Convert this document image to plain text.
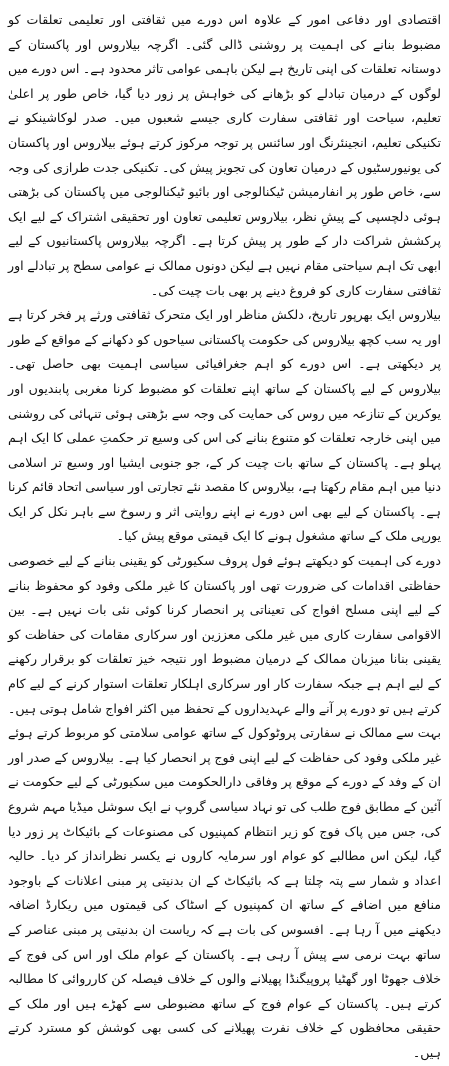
اقتصادی اور دفاعی امور کے علاوہ اس دورے میں ثقافتی اور تعلیمی تعلقات کو مضبوط بنانے کی اہمیت پر روشنی ڈالی گئی۔ اگرچہ بیلاروس اور پاکستان کے دوستانہ تعلقات کی اپنی تاریخ ہے لیکن باہمی عوامی تاثر محدود ہے۔ اس دورے میں لوگوں کے درمیان تبادلے کو بڑھانے کی خواہش پر زور دیا گیا، خاص طور پر اعلیٰ تعلیم، سیاحت اور ثقافتی سفارت کاری جیسے شعبوں میں۔ صدر لوکاشینکو نے تکنیکی تعلیم، انجینئرنگ اور سائنس پر توجہ مرکوز کرتے ہوئے بیلاروس اور پاکستان کی یونیورسٹیوں کے درمیان تعاون کی تجویز پیش کی۔ تکنیکی جدت طرازی کی وجہ سے، خاص طور پر انفارمیشن ٹیکنالوجی اور بائیو ٹیکنالوجی میں پاکستان کی بڑھتی ہوئی دلچسپی کے پیشِ نظر، بیلاروس تعلیمی تعاون اور تحقیقی اشتراک کے لیے ایک پرکشش شراکت دار کے طور پر پیش کرتا ہے۔ اگرچہ بیلاروس پاکستانیوں کے لیے ابھی تک اہم سیاحتی مقام نہیں ہے لیکن دونوں ممالک نے عوامی سطح پر تبادلے اور ثقافتی سفارت کاری کو فروغ دینے پر بھی بات چیت کی۔

بیلاروس ایک بھرپور تاریخ، دلکش مناظر اور ایک متحرک ثقافتی ورثے پر فخر کرتا ہے اور یہ سب کچھ بیلاروس کی حکومت پاکستانی سیاحوں کو دکھانے کے مواقع کے طور پر دیکھتی ہے۔ اس دورے کو اہم جغرافیائی سیاسی اہمیت بھی حاصل تھی۔ بیلاروس کے لیے پاکستان کے ساتھ اپنے تعلقات کو مضبوط کرنا مغربی پابندیوں اور یوکرین کے تنازعہ میں روس کی حمایت کی وجہ سے بڑھتی ہوئی تنہائی کی روشنی میں اپنی خارجہ تعلقات کو متنوع بنانے کی اس کی وسیع تر حکمتِ عملی کا ایک اہم پہلو ہے۔ پاکستان کے ساتھ بات چیت کر کے، جو جنوبی ایشیا اور وسیع تر اسلامی دنیا میں اہم مقام رکھتا ہے، بیلاروس کا مقصد نئے تجارتی اور سیاسی اتحاد قائم کرنا ہے۔ پاکستان کے لیے بھی اس دورے نے اپنے روایتی اثر و رسوخ سے باہر نکل کر ایک یورپی ملک کے ساتھ مشغول ہونے کا ایک قیمتی موقع پیش کیا۔

دورے کی اہمیت کو دیکھتے ہوئے فول پروف سکیورٹی کو یقینی بنانے کے لیے خصوصی حفاظتی اقدامات کی ضرورت تھی اور پاکستان کا غیر ملکی وفود کو محفوظ بنانے کے لیے اپنی مسلح افواج کی تعیناتی پر انحصار کرنا کوئی نئی بات نہیں ہے۔ بین الاقوامی سفارت کاری میں غیر ملکی معززین اور سرکاری مقامات کی حفاظت کو یقینی بنانا میزبان ممالک کے درمیان مضبوط اور نتیجہ خیز تعلقات کو برقرار رکھنے کے لیے اہم ہے جبکہ سفارت کار اور سرکاری اہلکار تعلقات استوار کرنے کے لیے کام کرتے ہیں تو دورے پر آنے والے عہدیداروں کے تحفظ میں اکثر افواج شامل ہوتی ہیں۔ بہت سے ممالک نے سفارتی پروٹوکول کے ساتھ عوامی سلامتی کو مربوط کرتے ہوئے غیر ملکی وفود کی حفاظت کے لیے اپنی فوج پر انحصار کیا ہے۔ بیلاروس کے صدر اور ان کے وفد کے دورے کے موقع پر وفاقی دارالحکومت میں سکیورٹی کے لیے حکومت نے آئین کے مطابق فوج طلب کی تو نہاد سیاسی گروپ نے ایک سوشل میڈیا مہم شروع کی، جس میں پاک فوج کو زیر انتظام کمپنیوں کی مصنوعات کے بائیکاٹ پر زور دیا گیا، لیکن اس مطالبے کو عوام اور سرمایہ کاروں نے یکسر نظرانداز کر دیا۔ حالیہ اعداد و شمار سے پتہ چلتا ہے کہ بائیکاٹ کے ان بدنیتی پر مبنی اعلانات کے باوجود منافع میں اضافے کے ساتھ ان کمپنیوں کے اسٹاک کی قیمتوں میں ریکارڈ اضافہ دیکھنے میں آ رہا ہے۔ افسوس کی بات ہے کہ ریاست ان بدنیتی پر مبنی عناصر کے ساتھ بہت نرمی سے پیش آ رہی ہے۔ پاکستان کے عوام ملک اور اس کی فوج کے خلاف جھوٹا اور گھٹیا پروپیگنڈا پھیلانے والوں کے خلاف فیصلہ کن کارروائی کا مطالبہ کرتے ہیں۔ پاکستان کے عوام فوج کے ساتھ مضبوطی سے کھڑے ہیں اور ملک کے حقیقی محافظوں کے خلاف نفرت پھیلانے کی کسی بھی کوشش کو مسترد کرتے ہیں۔
